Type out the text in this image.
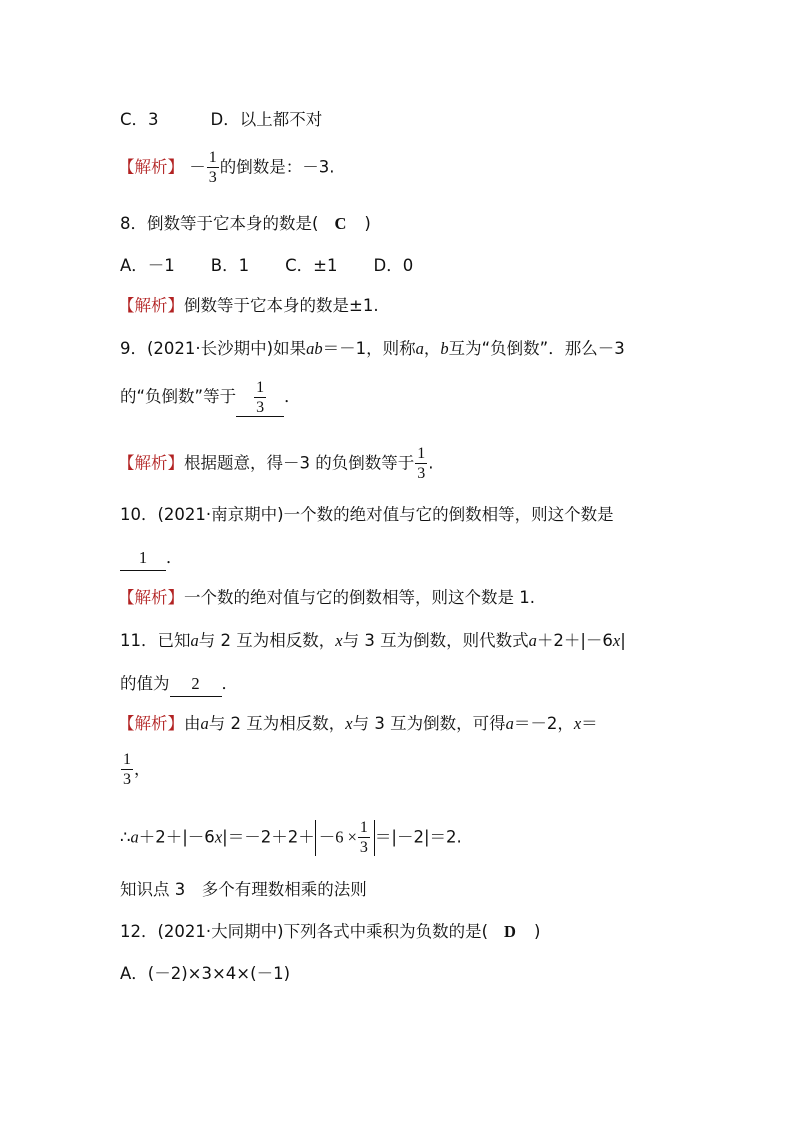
C．3	D．以上都不对
【解析】 － $\frac{1}{3}$ 的倒数是：－3.
8．倒数等于它本身的数是( C )
A．－1 B．1 C．±1 D．0
【解析】倒数等于它本身的数是±1.
9．(2021·长沙期中)如果ab＝－1，则称a，b互为“负倒数”．那么－3
的“负倒数”等于 $\frac{1}{3}$ ．
【解析】根据题意，得－3 的负倒数等于 $\frac{1}{3}$ .
10．(2021·南京期中)一个数的绝对值与它的倒数相等，则这个数是
1 ．
【解析】一个数的绝对值与它的倒数相等，则这个数是 1.
11．已知a与 2 互为相反数，x与 3 互为倒数，则代数式a＋2＋|－6x|
的值为 2 ．
【解析】由a与 2 互为相反数，x与 3 互为倒数，可得a＝－2，x＝
$\frac{1}{3}$ ，
∴a＋2＋|－6x|＝－2＋2＋ $-6 \times \frac{1}{3} =|-2|=2$.
知识点 3　多个有理数相乘的法则
12．(2021·大同期中)下列各式中乘积为负数的是( D )
A．(－2)×3×4×(－1)
